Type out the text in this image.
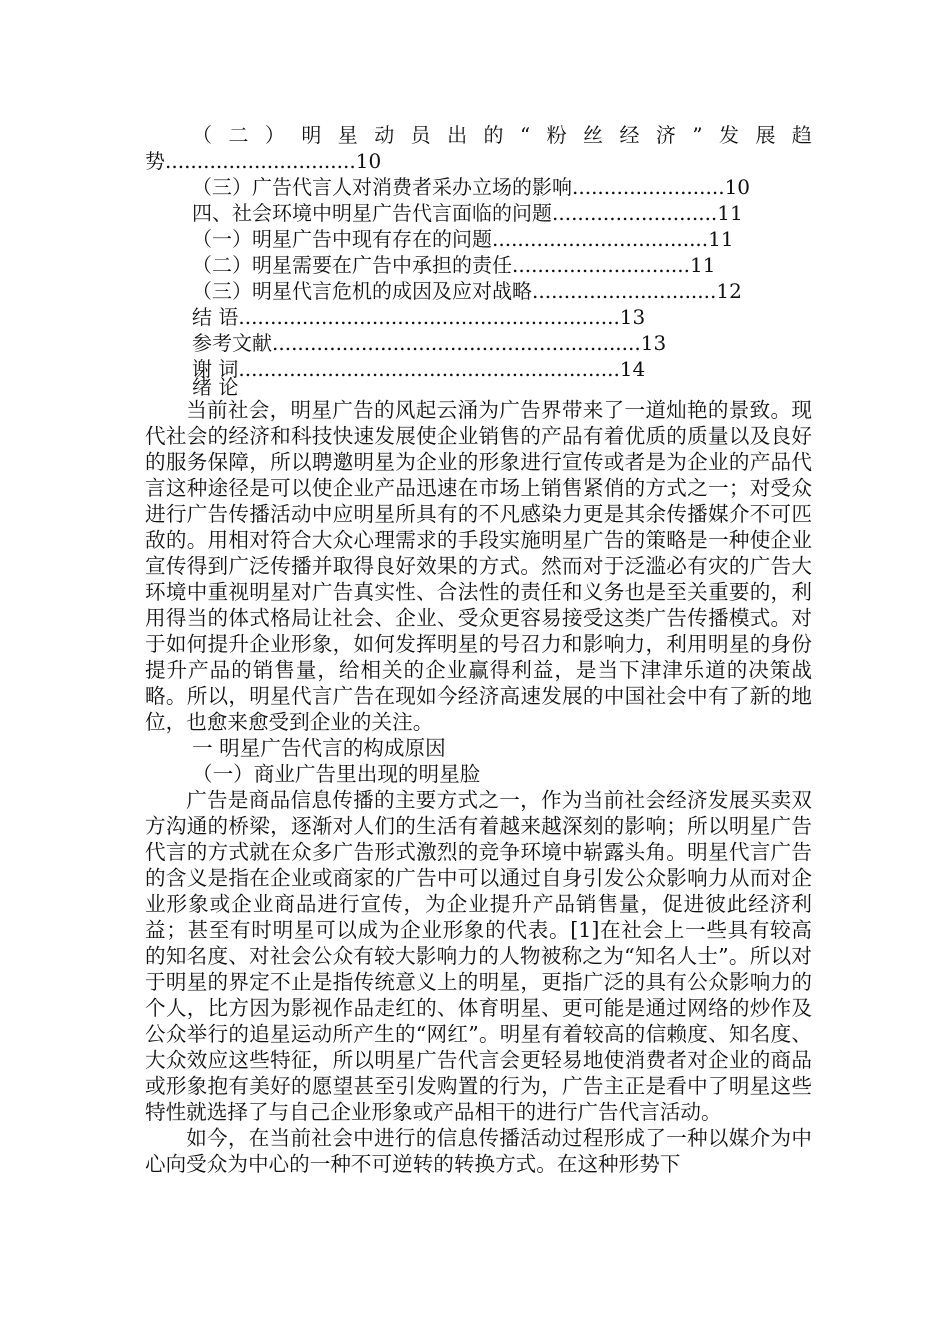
（ 二 ） 明 星 动 员 出 的 “ 粉 丝 经 济 ” 发 展 趋
势..............................10
（三）广告代言人对消费者采办立场的影响........................10
四、社会环境中明星广告代言面临的问题..........................11
（一）明星广告中现有存在的问题..................................11
（二）明星需要在广告中承担的责任............................11
（三）明星代言危机的成因及应对战略.............................12
结 语............................................................13
参考文献..........................................................13
谢 词............................................................14
绪 论

当前社会，明星广告的风起云涌为广告界带来了一道灿艳的景致。现代社会的经济和科技快速发展使企业销售的产品有着优质的质量以及良好的服务保障，所以聘邀明星为企业的形象进行宣传或者是为企业的产品代言这种途径是可以使企业产品迅速在市场上销售紧俏的方式之一；对受众进行广告传播活动中应明星所具有的不凡感染力更是其余传播媒介不可匹敌的。用相对符合大众心理需求的手段实施明星广告的策略是一种使企业宣传得到广泛传播并取得良好效果的方式。然而对于泛滥必有灾的广告大环境中重视明星对广告真实性、合法性的责任和义务也是至关重要的，利用得当的体式格局让社会、企业、受众更容易接受这类广告传播模式。对于如何提升企业形象，如何发挥明星的号召力和影响力，利用明星的身份提升产品的销售量，给相关的企业赢得利益，是当下津津乐道的决策战略。所以，明星代言广告在现如今经济高速发展的中国社会中有了新的地位，也愈来愈受到企业的关注。

一 明星广告代言的构成原因

（一）商业广告里出现的明星脸

广告是商品信息传播的主要方式之一，作为当前社会经济发展买卖双方沟通的桥梁，逐渐对人们的生活有着越来越深刻的影响；所以明星广告代言的方式就在众多广告形式激烈的竞争环境中崭露头角。明星代言广告的含义是指在企业或商家的广告中可以通过自身引发公众影响力从而对企业形象或企业商品进行宣传，为企业提升产品销售量，促进彼此经济利益；甚至有时明星可以成为企业形象的代表。[1]在社会上一些具有较高的知名度、对社会公众有较大影响力的人物被称之为“知名人士”。所以对于明星的界定不止是指传统意义上的明星，更指广泛的具有公众影响力的个人，比方因为影视作品走红的、体育明星、更可能是通过网络的炒作及公众举行的追星运动所产生的“网红”。明星有着较高的信赖度、知名度、大众效应这些特征，所以明星广告代言会更轻易地使消费者对企业的商品或形象抱有美好的愿望甚至引发购置的行为，广告主正是看中了明星这些特性就选择了与自己企业形象或产品相干的进行广告代言活动。

如今，在当前社会中进行的信息传播活动过程形成了一种以媒介为中心向受众为中心的一种不可逆转的转换方式。在这种形势下
